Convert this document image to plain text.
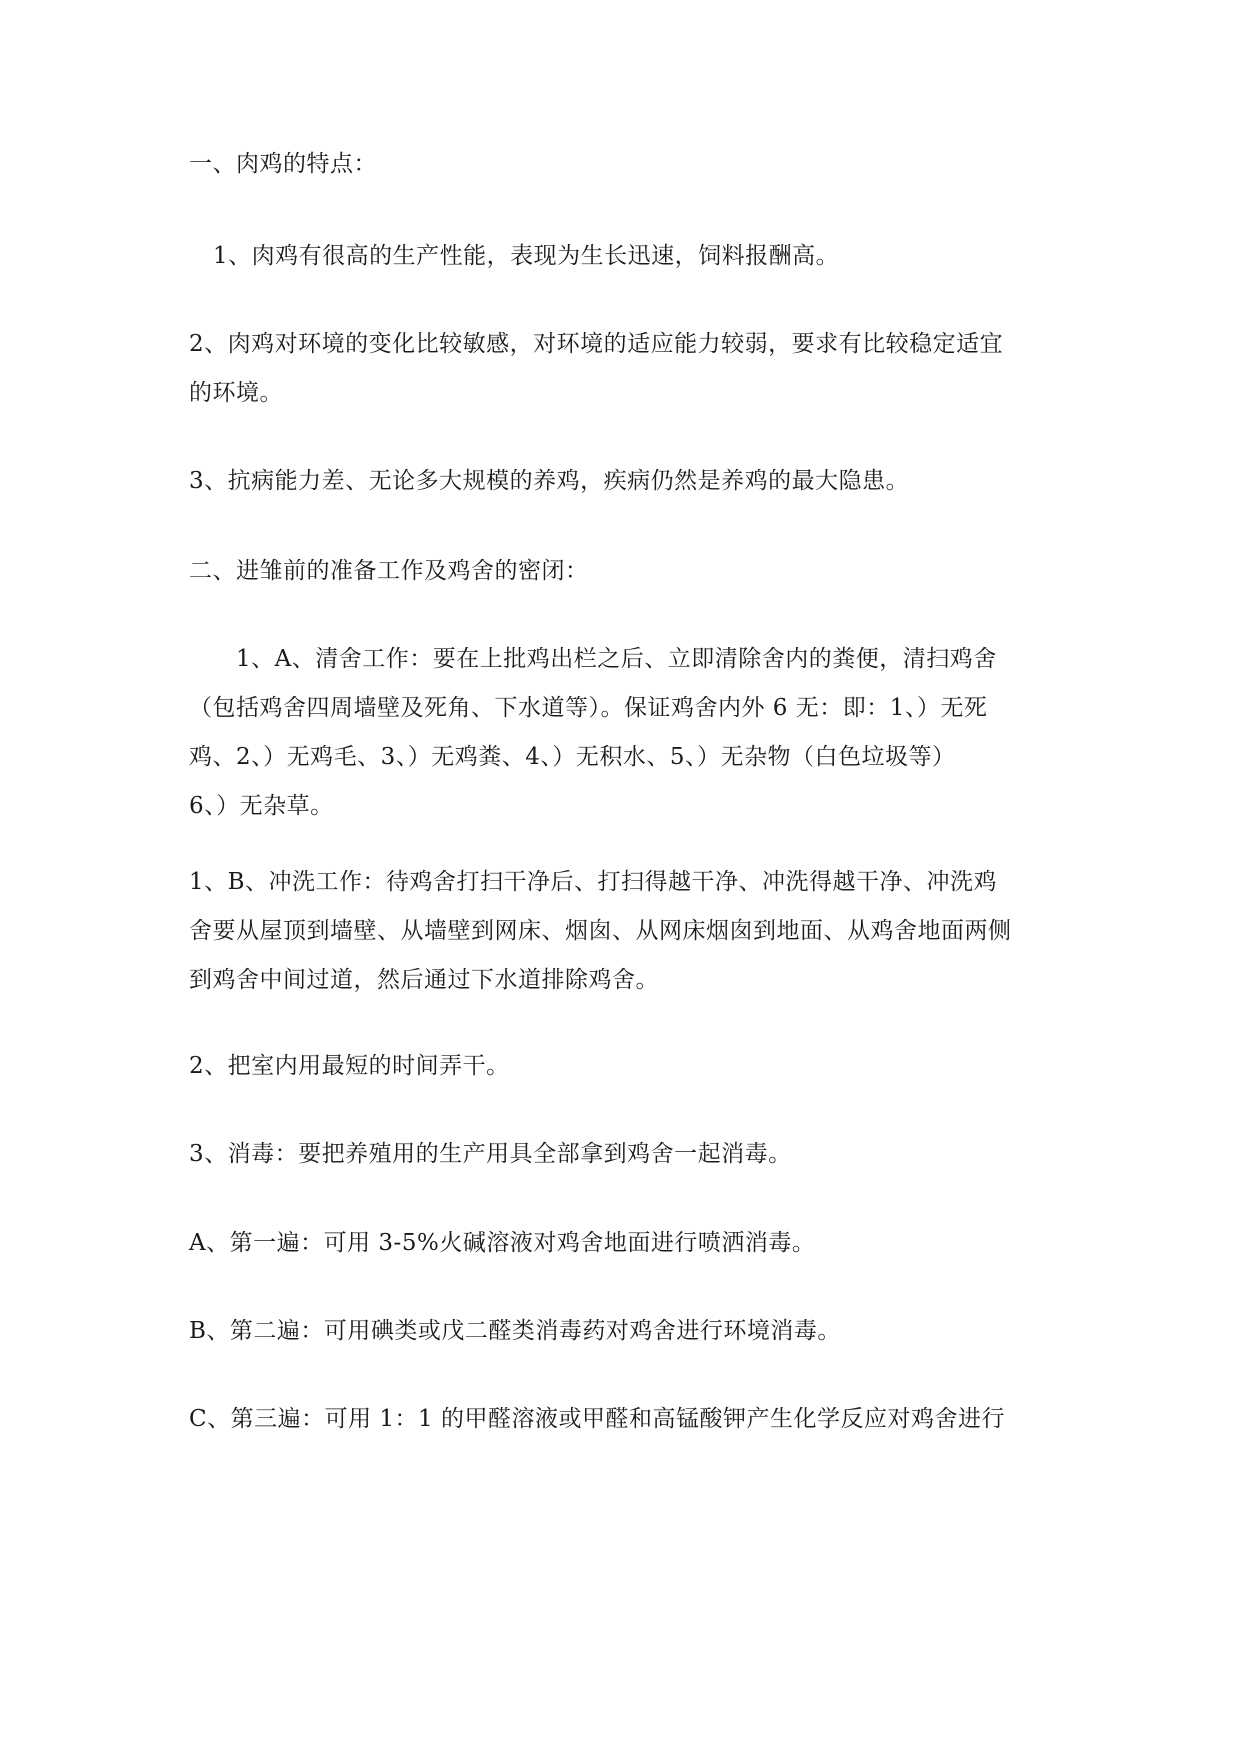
一、肉鸡的特点：
1、肉鸡有很高的生产性能，表现为生长迅速，饲料报酬高。
2、肉鸡对环境的变化比较敏感，对环境的适应能力较弱，要求有比较稳定适宜
的环境。
3、抗病能力差、无论多大规模的养鸡，疾病仍然是养鸡的最大隐患。
二、进雏前的准备工作及鸡舍的密闭：
1、A、清舍工作：要在上批鸡出栏之后、立即清除舍内的粪便，清扫鸡舍
（包括鸡舍四周墙壁及死角、下水道等）。保证鸡舍内外 6 无：即：1、）无死
鸡、2、）无鸡毛、3、）无鸡粪、4、）无积水、5、）无杂物（白色垃圾等）
6、）无杂草。
1、B、冲洗工作：待鸡舍打扫干净后、打扫得越干净、冲洗得越干净、冲洗鸡
舍要从屋顶到墙壁、从墙壁到网床、烟囱、从网床烟囱到地面、从鸡舍地面两侧
到鸡舍中间过道，然后通过下水道排除鸡舍。
2、把室内用最短的时间弄干。
3、消毒：要把养殖用的生产用具全部拿到鸡舍一起消毒。
A、第一遍：可用 3-5%火碱溶液对鸡舍地面进行喷洒消毒。
B、第二遍：可用碘类或戊二醛类消毒药对鸡舍进行环境消毒。
C、第三遍：可用 1：1 的甲醛溶液或甲醛和高锰酸钾产生化学反应对鸡舍进行
